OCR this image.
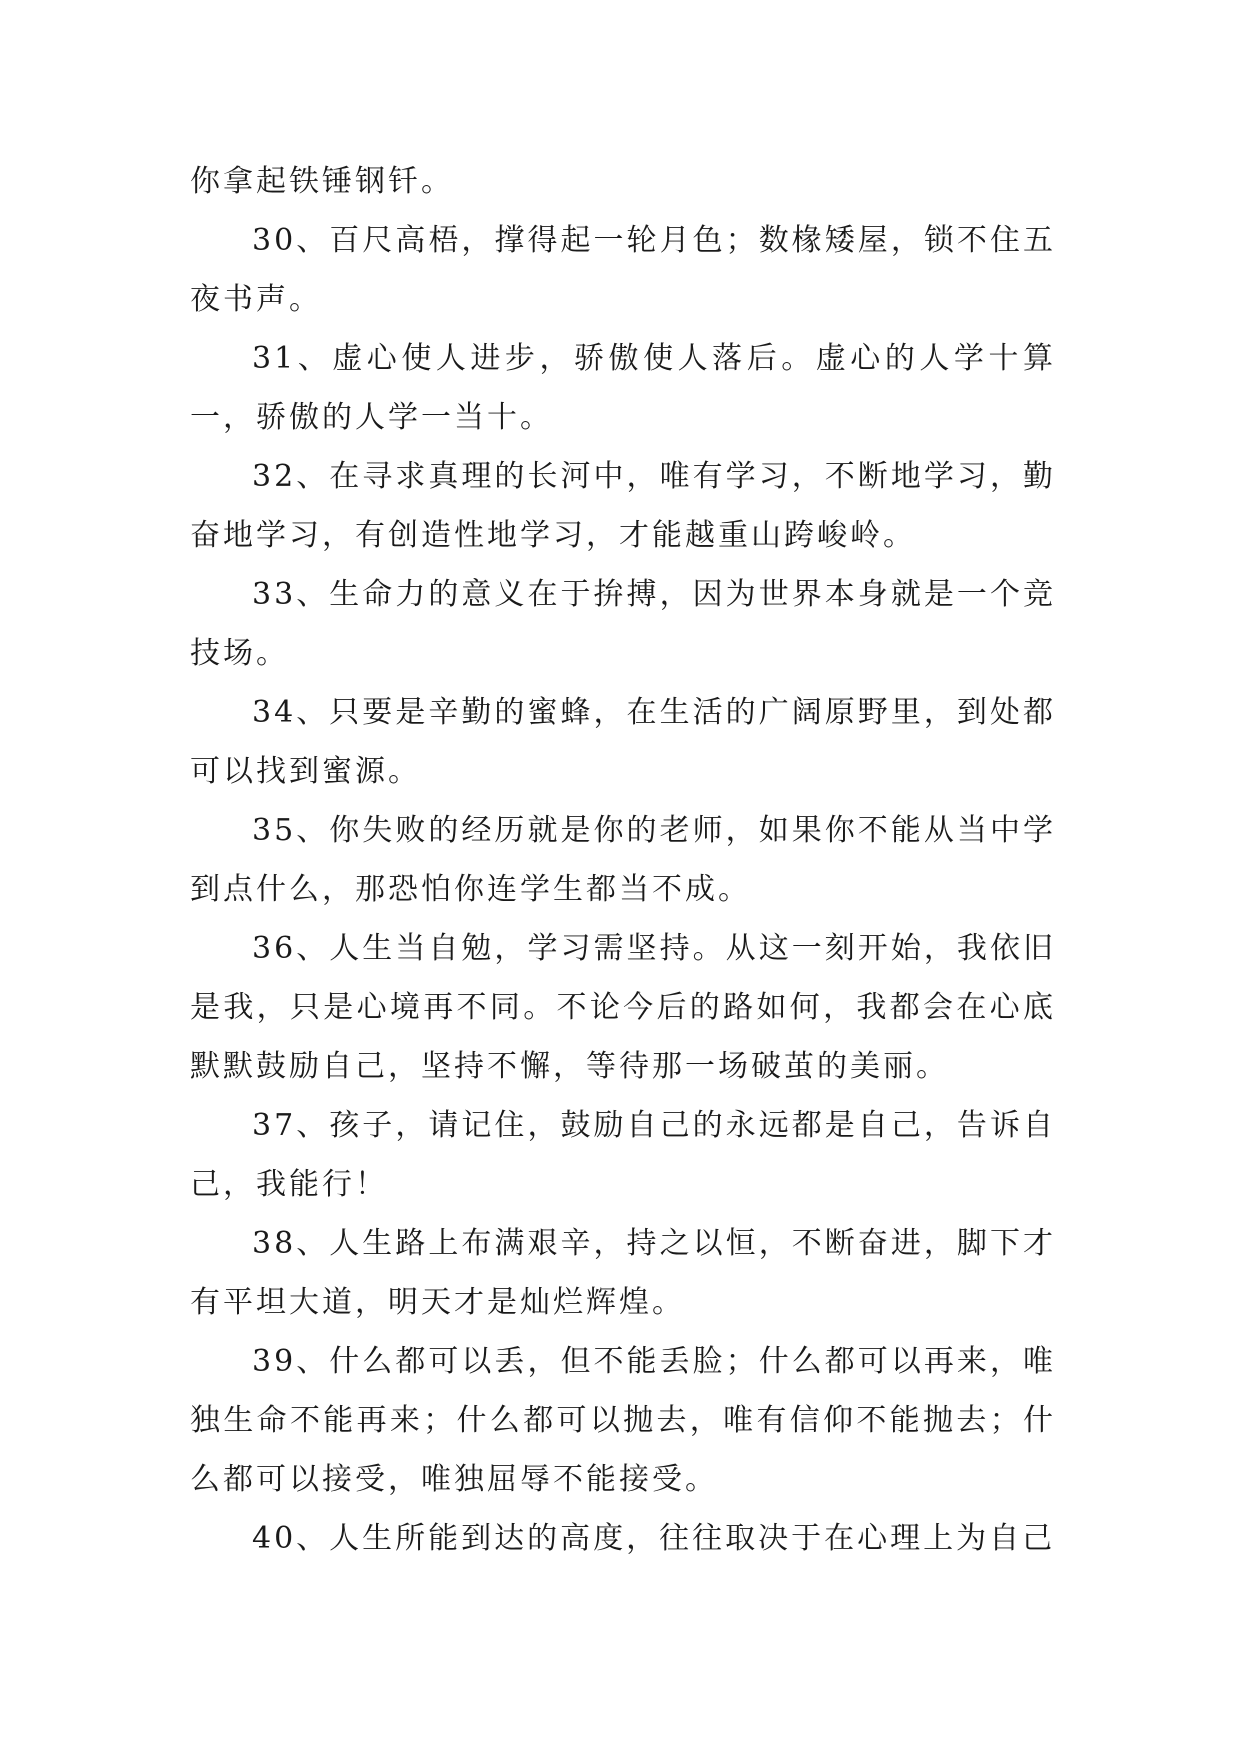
你拿起铁锤钢钎。

30、百尺高梧，撑得起一轮月色；数椽矮屋，锁不住五夜书声。

31、虚心使人进步，骄傲使人落后。虚心的人学十算一，骄傲的人学一当十。

32、在寻求真理的长河中，唯有学习，不断地学习，勤奋地学习，有创造性地学习，才能越重山跨峻岭。

33、生命力的意义在于拚搏，因为世界本身就是一个竞技场。

34、只要是辛勤的蜜蜂，在生活的广阔原野里，到处都可以找到蜜源。

35、你失败的经历就是你的老师，如果你不能从当中学到点什么，那恐怕你连学生都当不成。

36、人生当自勉，学习需坚持。从这一刻开始，我依旧是我，只是心境再不同。不论今后的路如何，我都会在心底默默鼓励自己，坚持不懈，等待那一场破茧的美丽。

37、孩子，请记住，鼓励自己的永远都是自己，告诉自己，我能行！

38、人生路上布满艰辛，持之以恒，不断奋进，脚下才有平坦大道，明天才是灿烂辉煌。

39、什么都可以丢，但不能丢脸；什么都可以再来，唯独生命不能再来；什么都可以抛去，唯有信仰不能抛去；什么都可以接受，唯独屈辱不能接受。

40、人生所能到达的高度，往往取决于在心理上为自己
